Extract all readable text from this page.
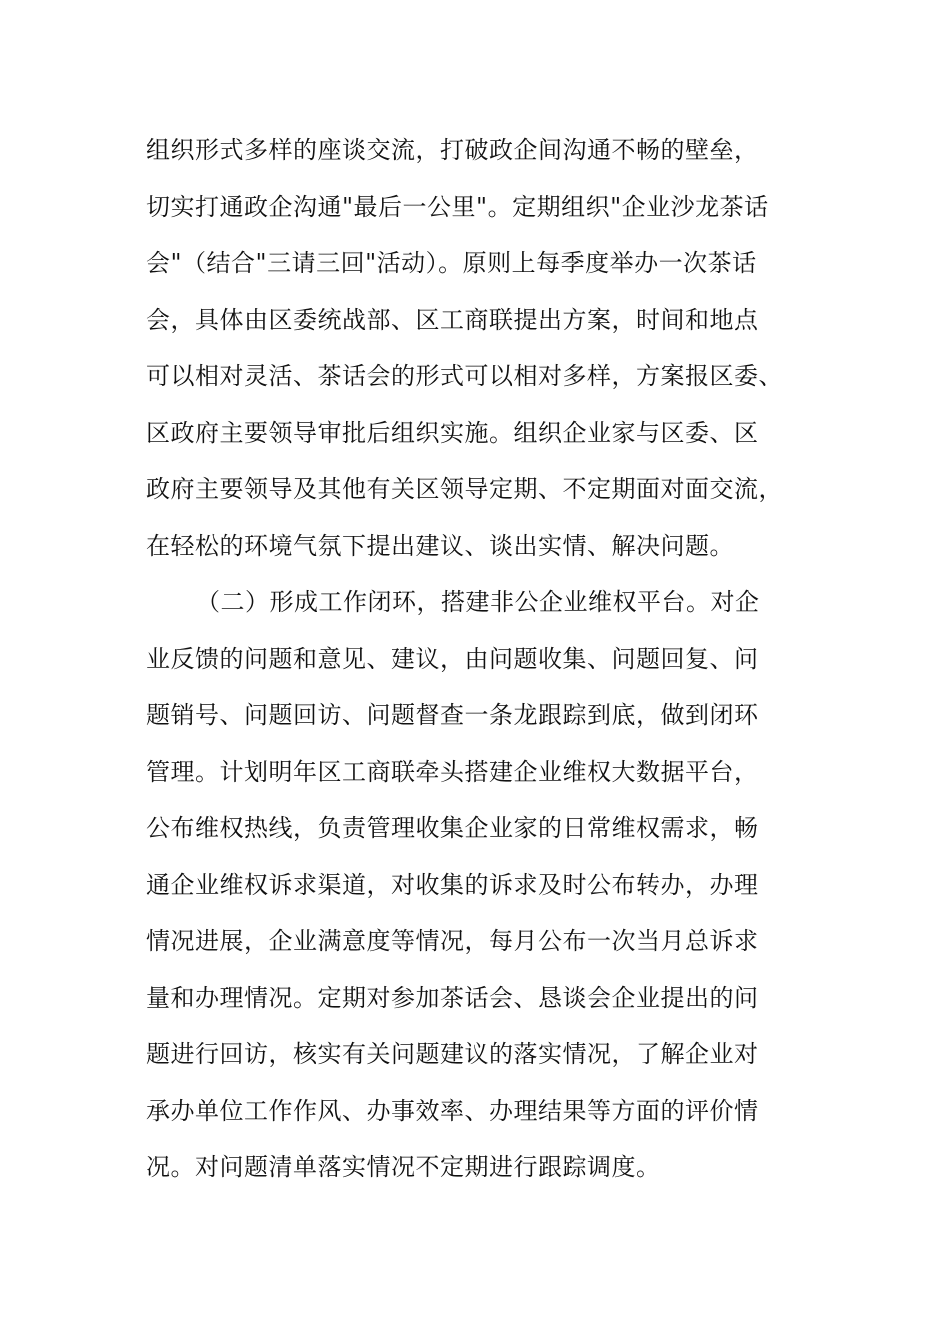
组织形式多样的座谈交流，打破政企间沟通不畅的壁垒，
切实打通政企沟通"最后一公里"。定期组织"企业沙龙茶话
会"（结合"三请三回"活动）。原则上每季度举办一次茶话
会，具体由区委统战部、区工商联提出方案，时间和地点
可以相对灵活、茶话会的形式可以相对多样，方案报区委、
区政府主要领导审批后组织实施。组织企业家与区委、区
政府主要领导及其他有关区领导定期、不定期面对面交流，
在轻松的环境气氛下提出建议、谈出实情、解决问题。
（二）形成工作闭环，搭建非公企业维权平台。对企
业反馈的问题和意见、建议，由问题收集、问题回复、问
题销号、问题回访、问题督查一条龙跟踪到底，做到闭环
管理。计划明年区工商联牵头搭建企业维权大数据平台，
公布维权热线，负责管理收集企业家的日常维权需求，畅
通企业维权诉求渠道，对收集的诉求及时公布转办，办理
情况进展，企业满意度等情况，每月公布一次当月总诉求
量和办理情况。定期对参加茶话会、恳谈会企业提出的问
题进行回访，核实有关问题建议的落实情况，了解企业对
承办单位工作作风、办事效率、办理结果等方面的评价情
况。对问题清单落实情况不定期进行跟踪调度。
